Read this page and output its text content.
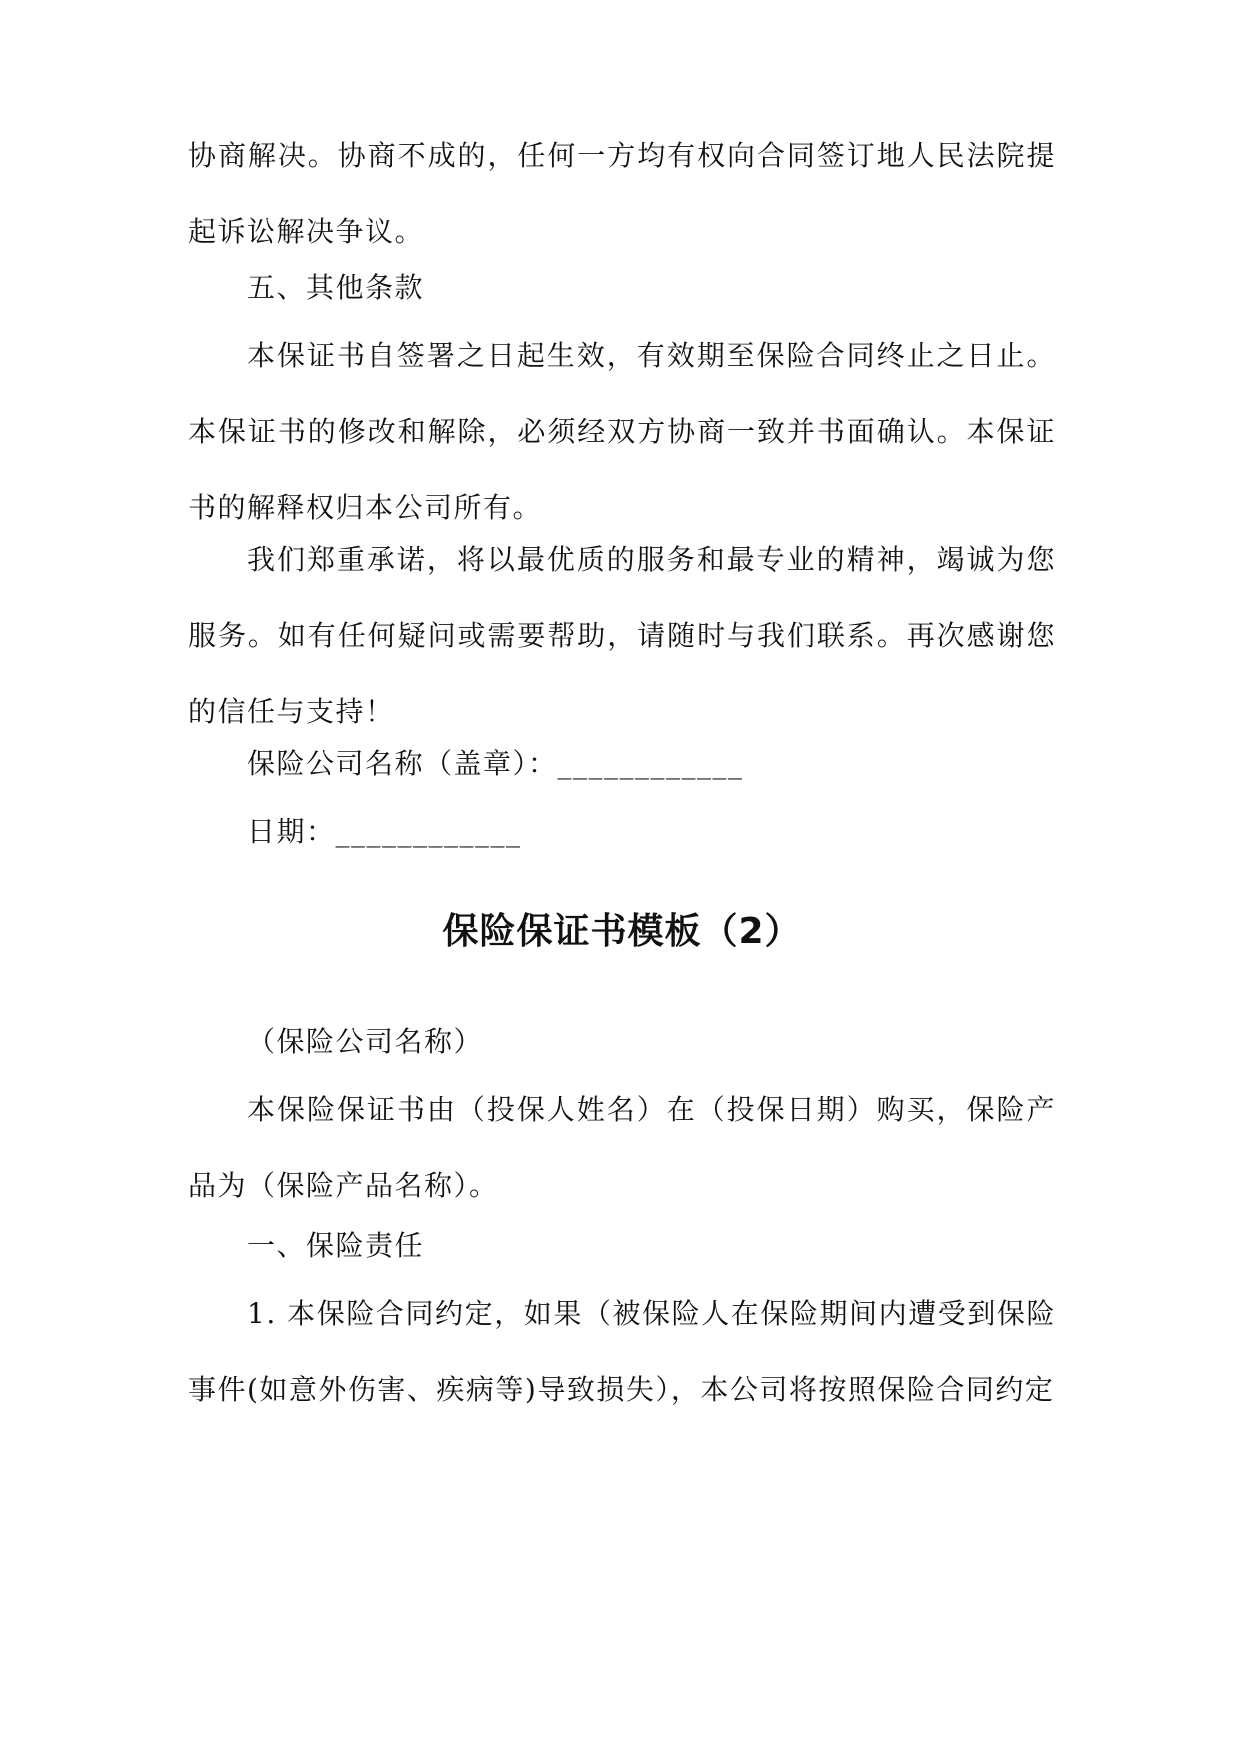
协商解决。协商不成的，任何一方均有权向合同签订地人民法院提起诉讼解决争议。

五、其他条款

本保证书自签署之日起生效，有效期至保险合同终止之日止。本保证书的修改和解除，必须经双方协商一致并书面确认。本保证书的解释权归本公司所有。

我们郑重承诺，将以最优质的服务和最专业的精神，竭诚为您服务。如有任何疑问或需要帮助，请随时与我们联系。再次感谢您的信任与支持！

保险公司名称（盖章）：____________

日期：____________

保险保证书模板（2）

（保险公司名称）

本保险保证书由（投保人姓名）在（投保日期）购买，保险产品为（保险产品名称）。

一、保险责任

1. 本保险合同约定，如果（被保险人在保险期间内遭受到保险事件(如意外伤害、疾病等)导致损失），本公司将按照保险合同约定
